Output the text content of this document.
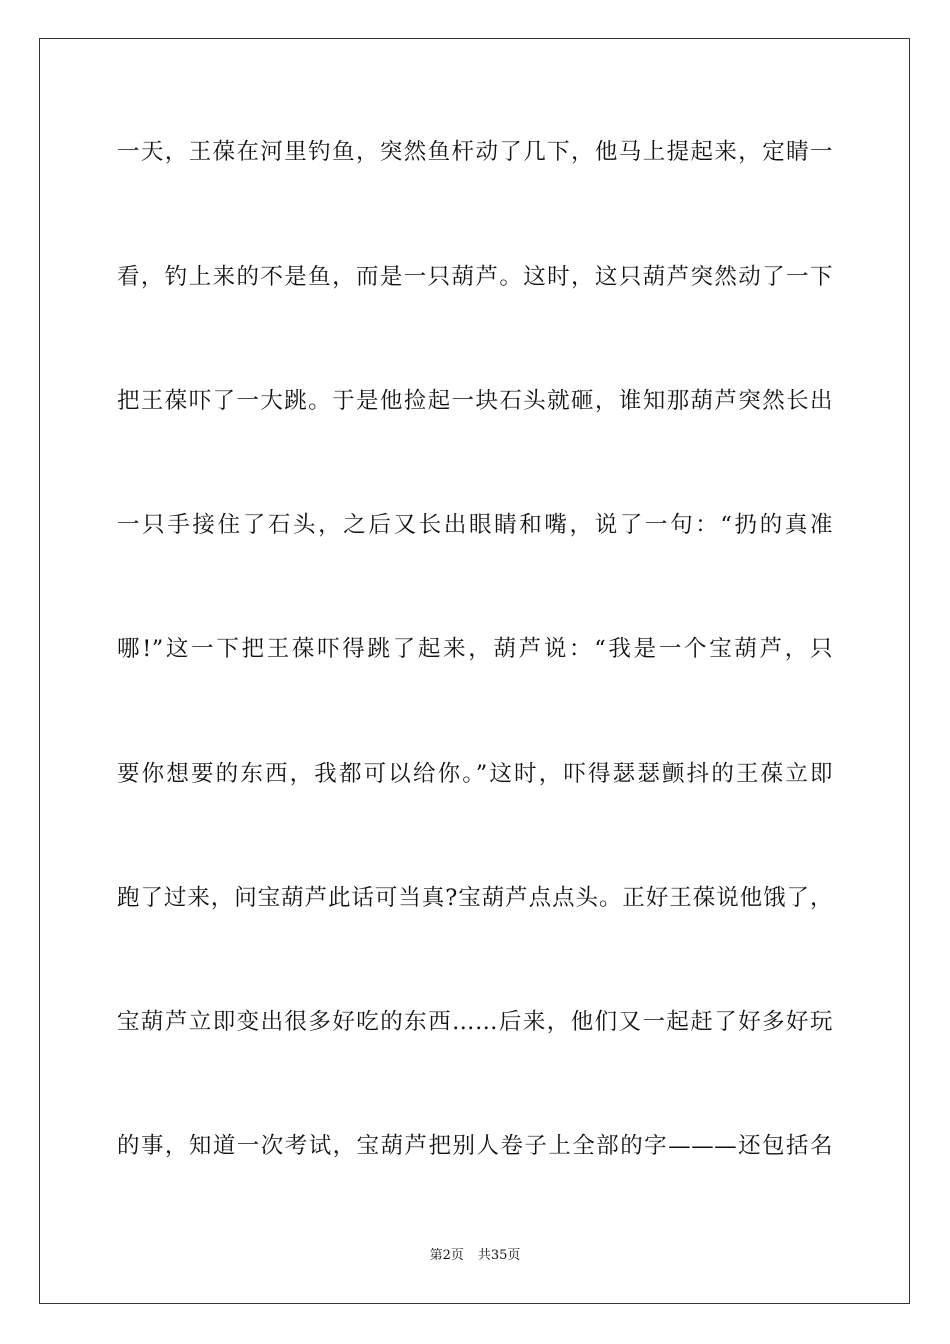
一天，王葆在河里钓鱼，突然鱼杆动了几下，他马上提起来，定睛一
看，钓上来的不是鱼，而是一只葫芦。这时，这只葫芦突然动了一下
把王葆吓了一大跳。于是他捡起一块石头就砸，谁知那葫芦突然长出
一只手接住了石头，之后又长出眼睛和嘴，说了一句：“扔的真准
哪!”这一下把王葆吓得跳了起来，葫芦说：“我是一个宝葫芦，只
要你想要的东西，我都可以给你。”这时，吓得瑟瑟颤抖的王葆立即
跑了过来，问宝葫芦此话可当真?宝葫芦点点头。正好王葆说他饿了，
宝葫芦立即变出很多好吃的东西……后来，他们又一起赶了好多好玩
的事，知道一次考试，宝葫芦把别人卷子上全部的字———还包括名
第2页 共35页
